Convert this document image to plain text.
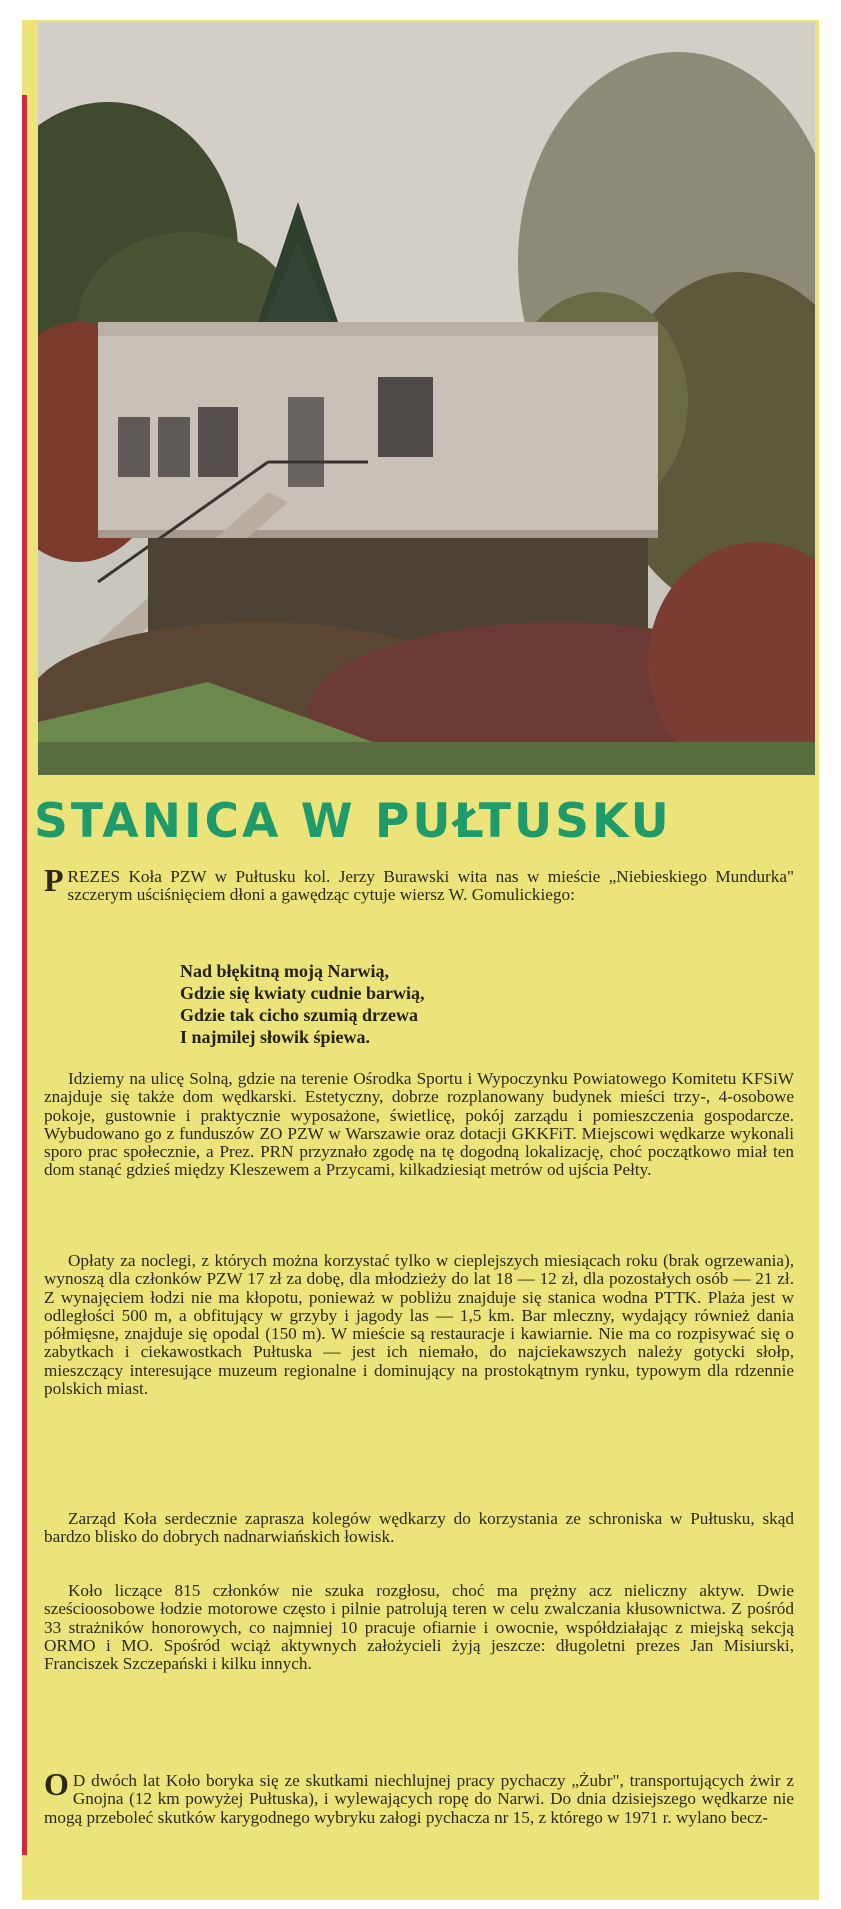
STANICA W PUŁTUSKU
P REZES Koła PZW w Pułtusku kol. Jerzy Burawski wita nas w mieście „Niebieskiego Mundurka" szczerym uściśnięciem dłoni a gawędząc cytuje wiersz W. Gomulickiego:
Nad błękitną moją Narwią,
Gdzie się kwiaty cudnie barwią,
Gdzie tak cicho szumią drzewa
I najmilej słowik śpiewa.
Idziemy na ulicę Solną, gdzie na terenie Ośrodka Sportu i Wypoczynku Powiatowego Komitetu KFSiW znajduje się także dom wędkarski. Estetyczny, dobrze rozplanowany budynek mieści trzy-, 4-osobowe pokoje, gustownie i praktycznie wyposażone, świetlicę, pokój zarządu i pomieszczenia gospodarcze. Wybudowano go z funduszów ZO PZW w Warszawie oraz dotacji GKKFiT. Miejscowi wędkarze wykonali sporo prac społecznie, a Prez. PRN przyznało zgodę na tę dogodną lokalizację, choć początkowo miał ten dom stanąć gdzieś między Kleszewem a Przycami, kilkadziesiąt metrów od ujścia Pełty.
Opłaty za noclegi, z których można korzystać tylko w cieplejszych miesiącach roku (brak ogrzewania), wynoszą dla członków PZW 17 zł za dobę, dla młodzieży do lat 18 — 12 zł, dla pozostałych osób — 21 zł. Z wynajęciem łodzi nie ma kłopotu, ponieważ w pobliżu znajduje się stanica wodna PTTK. Plaża jest w odległości 500 m, a obfitujący w grzyby i jagody las — 1,5 km. Bar mleczny, wydający również dania półmięsne, znajduje się opodal (150 m). W mieście są restauracje i kawiarnie. Nie ma co rozpisywać się o zabytkach i ciekawostkach Pułtuska — jest ich niemało, do najciekawszych należy gotycki słołp, mieszczący interesujące muzeum regionalne i dominujący na prostokątnym rynku, typowym dla rdzennie polskich miast.
Zarząd Koła serdecznie zaprasza kolegów wędkarzy do korzystania ze schroniska w Pułtusku, skąd bardzo blisko do dobrych nadnarwiańskich łowisk.
Koło liczące 815 członków nie szuka rozgłosu, choć ma prężny acz nieliczny aktyw. Dwie sześcioosobowe łodzie motorowe często i pilnie patrolują teren w celu zwalczania kłusownictwa. Z pośród 33 strażników honorowych, co najmniej 10 pracuje ofiarnie i owocnie, współdziałając z miejską sekcją ORMO i MO. Spośród wciąż aktywnych założycieli żyją jeszcze: długoletni prezes Jan Misiurski, Franciszek Szczepański i kilku innych.
O D dwóch lat Koło boryka się ze skutkami niechlujnej pracy pychaczy „Żubr", transportujących żwir z Gnojna (12 km powyżej Pułtuska), i wylewających ropę do Narwi. Do dnia dzisiejszego wędkarze nie mogą przeboleć skutków karygodnego wybryku załogi pychacza nr 15, z którego w 1971 r. wylano becz-
